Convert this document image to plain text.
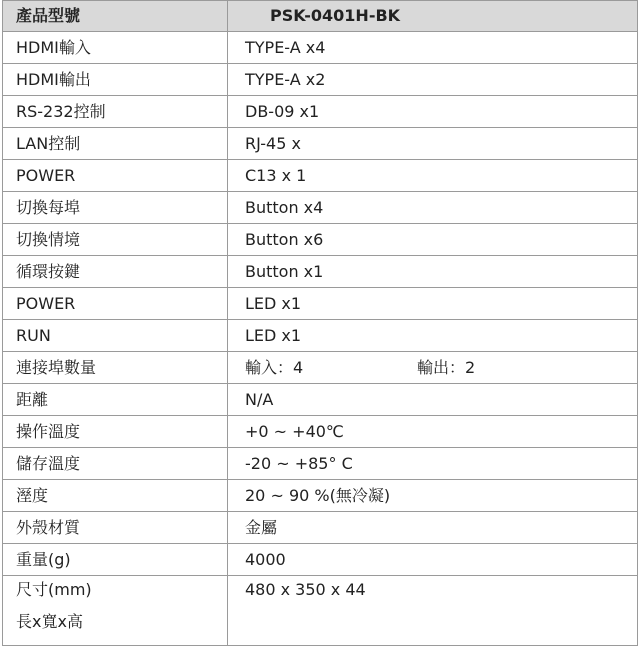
產品型號	PSK-0401H-BK
HDMI輸入	TYPE-A x4
HDMI輸出	TYPE-A x2
RS-232控制	DB-09 x1
LAN控制	RJ-45 x
POWER	C13 x 1
切換每埠	Button x4
切換情境	Button x6
循環按鍵	Button x1
POWER	LED x1
RUN	LED x1
連接埠數量	輸入：4 輸出：2
距離	N/A
操作溫度	+0 ~ +40℃
儲存溫度	-20 ~ +85° C
溼度	20 ~ 90 %(無冷凝)
外殼材質	金屬
重量(g)	4000

尺寸(mm)
長x寬x高	480 x 350 x 44
